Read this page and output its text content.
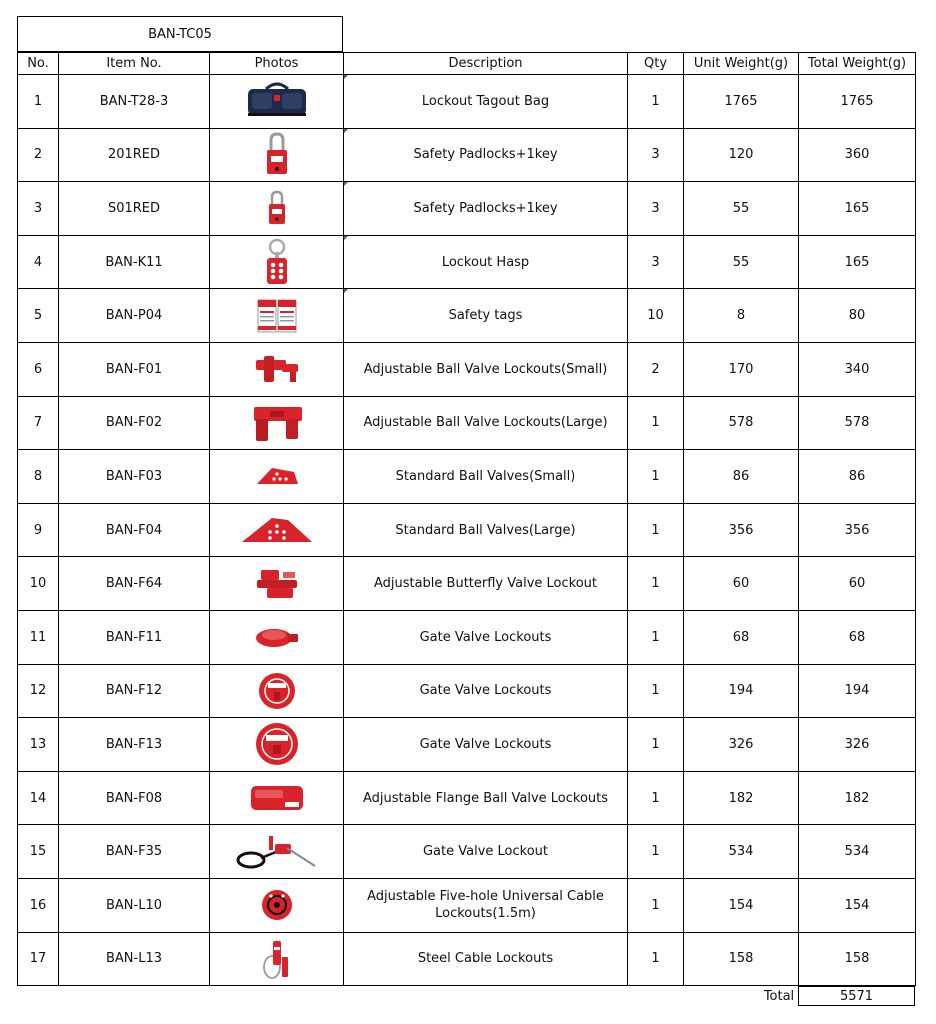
BAN-TC05
No.	Item No.	Photos	Description	Qty	Unit Weight(g)	Total Weight(g)
1	BAN-T28-3		Lockout Tagout Bag	1	1765	1765
2	201RED		Safety Padlocks+1key	3	120	360
3	S01RED		Safety Padlocks+1key	3	55	165
4	BAN-K11		Lockout Hasp	3	55	165
5	BAN-P04		Safety tags	10	8	80
6	BAN-F01		Adjustable Ball Valve Lockouts(Small)	2	170	340
7	BAN-F02		Adjustable Ball Valve Lockouts(Large)	1	578	578
8	BAN-F03		Standard Ball Valves(Small)	1	86	86
9	BAN-F04		Standard Ball Valves(Large)	1	356	356
10	BAN-F64		Adjustable Butterfly Valve Lockout	1	60	60
11	BAN-F11		Gate Valve Lockouts	1	68	68
12	BAN-F12		Gate Valve Lockouts	1	194	194
13	BAN-F13		Gate Valve Lockouts	1	326	326
14	BAN-F08		Adjustable Flange Ball Valve Lockouts	1	182	182
15	BAN-F35		Gate Valve Lockout	1	534	534
16	BAN-L10		Adjustable Five-hole Universal Cable Lockouts(1.5m)	1	154	154
17	BAN-L13		Steel Cable Lockouts	1	158	158
Total	5571
